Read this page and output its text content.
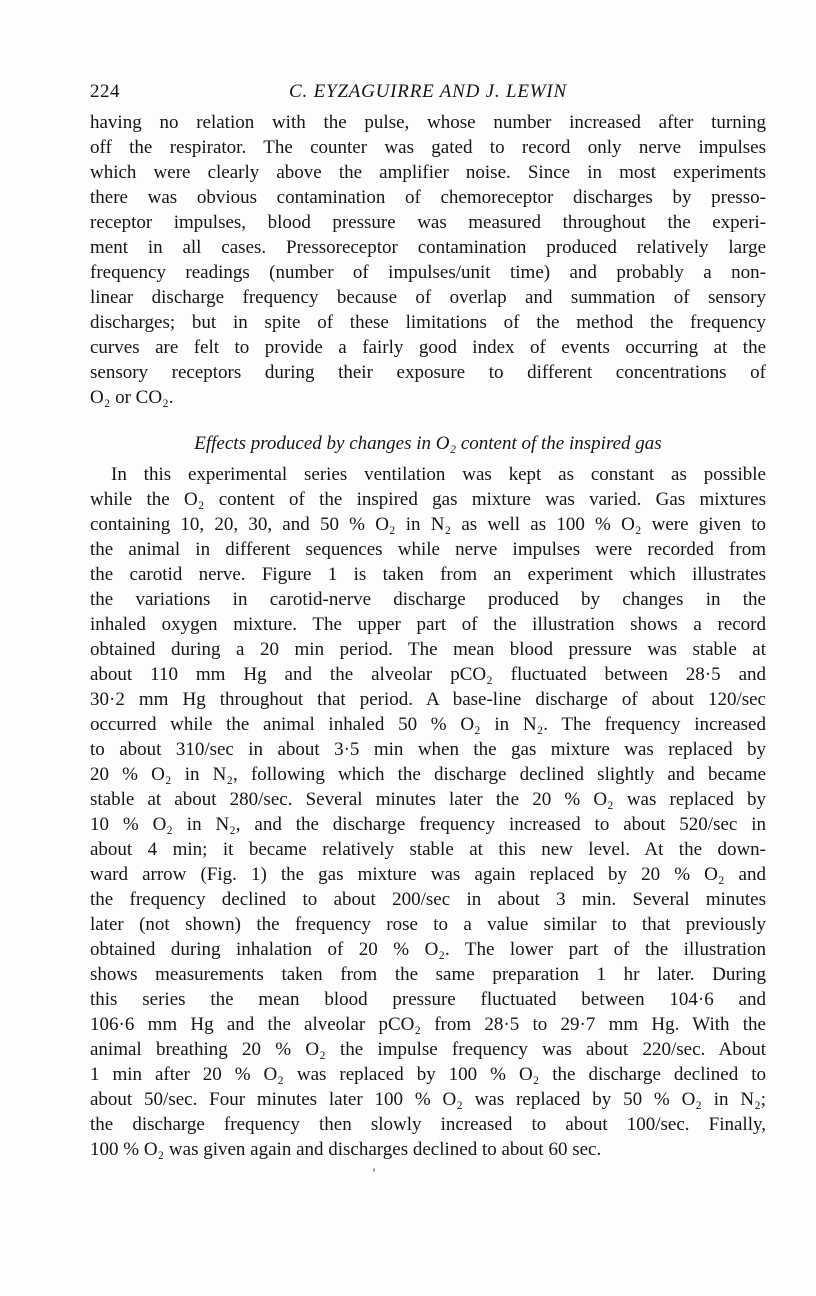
224	C. EYZAGUIRRE AND J. LEWIN
having no relation with the pulse, whose number increased after turning
off the respirator. The counter was gated to record only nerve impulses
which were clearly above the amplifier noise. Since in most experiments
there was obvious contamination of chemoreceptor discharges by presso-
receptor impulses, blood pressure was measured throughout the experi-
ment in all cases. Pressoreceptor contamination produced relatively large
frequency readings (number of impulses/unit time) and probably a non-
linear discharge frequency because of overlap and summation of sensory
discharges; but in spite of these limitations of the method the frequency
curves are felt to provide a fairly good index of events occurring at the
sensory receptors during their exposure to different concentrations of
O₂ or CO₂.
Effects produced by changes in O₂ content of the inspired gas
In this experimental series ventilation was kept as constant as possible
while the O₂ content of the inspired gas mixture was varied. Gas mixtures
containing 10, 20, 30, and 50 % O₂ in N₂ as well as 100 % O₂ were given to
the animal in different sequences while nerve impulses were recorded from
the carotid nerve. Figure 1 is taken from an experiment which illustrates
the variations in carotid-nerve discharge produced by changes in the
inhaled oxygen mixture. The upper part of the illustration shows a record
obtained during a 20 min period. The mean blood pressure was stable at
about 110 mm Hg and the alveolar pCO₂ fluctuated between 28·5 and
30·2 mm Hg throughout that period. A base-line discharge of about 120/sec
occurred while the animal inhaled 50 % O₂ in N₂. The frequency increased
to about 310/sec in about 3·5 min when the gas mixture was replaced by
20 % O₂ in N₂, following which the discharge declined slightly and became
stable at about 280/sec. Several minutes later the 20 % O₂ was replaced by
10 % O₂ in N₂, and the discharge frequency increased to about 520/sec in
about 4 min; it became relatively stable at this new level. At the down-
ward arrow (Fig. 1) the gas mixture was again replaced by 20 % O₂ and
the frequency declined to about 200/sec in about 3 min. Several minutes
later (not shown) the frequency rose to a value similar to that previously
obtained during inhalation of 20 % O₂. The lower part of the illustration
shows measurements taken from the same preparation 1 hr later. During
this series the mean blood pressure fluctuated between 104·6 and
106·6 mm Hg and the alveolar pCO₂ from 28·5 to 29·7 mm Hg. With the
animal breathing 20 % O₂ the impulse frequency was about 220/sec. About
1 min after 20 % O₂ was replaced by 100 % O₂ the discharge declined to
about 50/sec. Four minutes later 100 % O₂ was replaced by 50 % O₂ in N₂;
the discharge frequency then slowly increased to about 100/sec. Finally,
100 % O₂ was given again and discharges declined to about 60 sec.
